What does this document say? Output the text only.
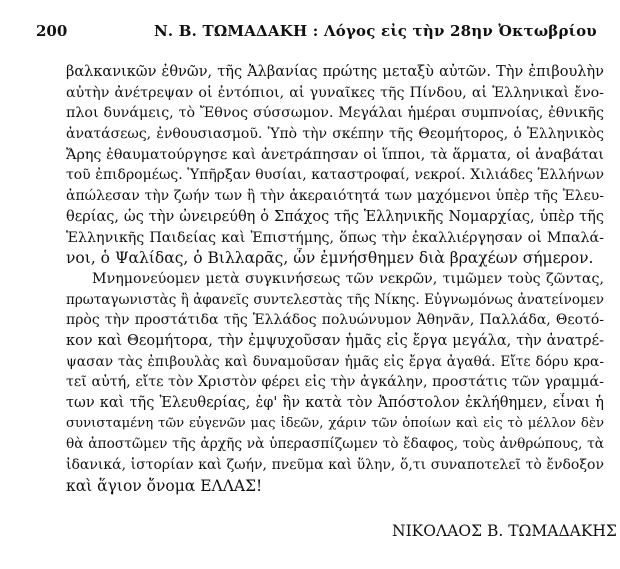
200	Ν. Β. ΤΩΜΑΔΑΚΗ : Λόγος εἰς τὴν 28ην Ὀκτωβρίου
βαλκανικῶν ἐθνῶν, τῆς Ἀλβανίας πρώτης μεταξὺ αὐτῶν. Τὴν ἐπιβουλὴν
αὐτὴν ἀνέτρεψαν οἱ ἐντόπιοι, αἱ γυναῖκες τῆς Πίνδου, αἱ Ἑλληνικαὶ ἔνο-
πλοι δυνάμεις, τὸ Ἔθνος σύσσωμον. Μεγάλαι ἡμέραι συμπνοίας, ἐθνικῆς
ἀνατάσεως, ἐνθουσιασμοῦ. Ὑπὸ τὴν σκέπην τῆς Θεομήτορος, ὁ Ἑλληνικὸς
Ἄρης ἐθαυματούργησε καὶ ἀνετράπησαν οἱ ἵπποι, τὰ ἅρματα, οἱ ἀναβάται
τοῦ ἐπιδρομέως. Ὑπῆρξαν θυσίαι, καταστροφαί, νεκροί. Χιλιάδες Ἑλλήνων
ἀπώλεσαν τὴν ζωήν των ἢ τὴν ἀκεραιότητά των μαχόμενοι ὑπὲρ τῆς Ἐλευ-
θερίας, ὡς τὴν ὠνειρεύθη ὁ Σπάχος τῆς Ἑλληνικῆς Νομαρχίας, ὑπὲρ τῆς
Ἑλληνικῆς Παιδείας καὶ Ἐπιστήμης, ὅπως τὴν ἐκαλλιέργησαν οἱ Μπαλά-
νοι, ὁ Ψαλίδας, ὁ Βιλλαρᾶς, ὧν ἐμνήσθημεν διὰ βραχέων σήμερον.
Μνημονεύομεν μετὰ συγκινήσεως τῶν νεκρῶν, τιμῶμεν τοὺς ζῶντας,
πρωταγωνιστὰς ἢ ἀφανεῖς συντελεστὰς τῆς Νίκης. Εὐγνωμόνως ἀνατείνομεν
πρὸς τὴν προστάτιδα τῆς Ἑλλάδος πολυώνυμον Ἀθηνᾶν, Παλλάδα, Θεοτό-
κον καὶ Θεομήτορα, τὴν ἐμψυχοῦσαν ἡμᾶς εἰς ἔργα μεγάλα, τὴν ἀνατρέ-
ψασαν τὰς ἐπιβουλὰς καὶ δυναμοῦσαν ἡμᾶς εἰς ἔργα ἀγαθά. Εἴτε δόρυ κρα-
τεῖ αὐτή, εἴτε τὸν Χριστὸν φέρει εἰς τὴν ἀγκάλην, προστάτις τῶν γραμμά-
των καὶ τῆς Ἐλευθερίας, ἐφ' ἣν κατὰ τὸν Ἀπόστολον ἐκλήθημεν, εἶναι ἡ
συνισταμένη τῶν εὐγενῶν μας ἰδεῶν, χάριν τῶν ὁποίων καὶ εἰς τὸ μέλλον δὲν
θὰ ἀποστῶμεν τῆς ἀρχῆς νὰ ὑπερασπίζωμεν τὸ ἔδαφος, τοὺς ἀνθρώπους, τὰ
ἰδανικά, ἱστορίαν καὶ ζωήν, πνεῦμα καὶ ὕλην, ὅ,τι συναποτελεῖ τὸ ἔνδοξον
καὶ ἅγιον ὄνομα ΕΛΛΑΣ!
ΝΙΚΟΛΑΟΣ Β. ΤΩΜΑΔΑΚΗΣ
